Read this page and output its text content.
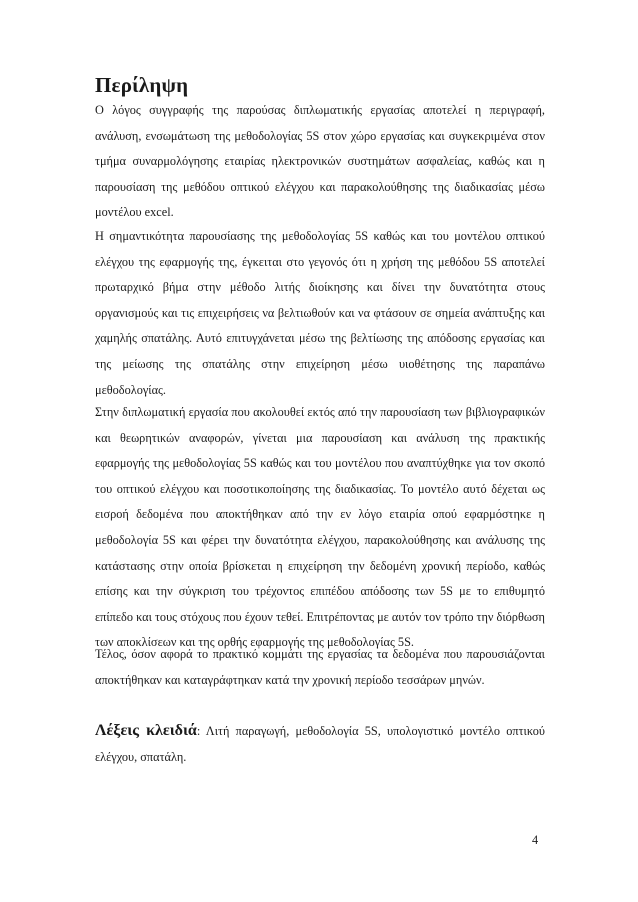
Περίληψη

Ο λόγος συγγραφής της παρούσας διπλωματικής εργασίας αποτελεί η περιγραφή, ανάλυση, ενσωμάτωση της μεθοδολογίας 5S στον χώρο εργασίας και συγκεκριμένα στον τμήμα συναρμολόγησης εταιρίας ηλεκτρονικών συστημάτων ασφαλείας, καθώς και η παρουσίαση της μεθόδου οπτικού ελέγχου και παρακολούθησης της διαδικασίας μέσω μοντέλου excel.

Η σημαντικότητα παρουσίασης της μεθοδολογίας 5S καθώς και του μοντέλου οπτικού ελέγχου της εφαρμογής της, έγκειται στο γεγονός ότι η χρήση της μεθόδου 5S αποτελεί πρωταρχικό βήμα στην μέθοδο λιτής διοίκησης και δίνει την δυνατότητα στους οργανισμούς και τις επιχειρήσεις να βελτιωθούν και να φτάσουν σε σημεία ανάπτυξης και χαμηλής σπατάλης. Αυτό επιτυγχάνεται μέσω της βελτίωσης της απόδοσης εργασίας και της μείωσης της σπατάλης στην επιχείρηση μέσω υιοθέτησης της παραπάνω μεθοδολογίας.

Στην διπλωματική εργασία που ακολουθεί εκτός από την παρουσίαση των βιβλιογραφικών και θεωρητικών αναφορών, γίνεται μια παρουσίαση και ανάλυση της πρακτικής εφαρμογής της μεθοδολογίας 5S καθώς και του μοντέλου που αναπτύχθηκε για τον σκοπό του οπτικού ελέγχου και ποσοτικοποίησης της διαδικασίας. Το μοντέλο αυτό δέχεται ως εισροή δεδομένα που αποκτήθηκαν από την εν λόγο εταιρία οπού εφαρμόστηκε η μεθοδολογία 5S και φέρει την δυνατότητα ελέγχου, παρακολούθησης και ανάλυσης της κατάστασης στην οποία βρίσκεται η επιχείρηση την δεδομένη χρονική περίοδο, καθώς επίσης και την σύγκριση του τρέχοντος επιπέδου απόδοσης των 5S με το επιθυμητό επίπεδο και τους στόχους που έχουν τεθεί. Επιτρέποντας με αυτόν τον τρόπο την διόρθωση των αποκλίσεων και της ορθής εφαρμογής της μεθοδολογίας 5S.

Τέλος, όσον αφορά το πρακτικό κομμάτι της εργασίας τα δεδομένα που παρουσιάζονται αποκτήθηκαν και καταγράφτηκαν κατά την χρονική περίοδο τεσσάρων μηνών.

Λέξεις κλειδιά: Λιτή παραγωγή, μεθοδολογία 5S, υπολογιστικό μοντέλο οπτικού ελέγχου, σπατάλη.

4
